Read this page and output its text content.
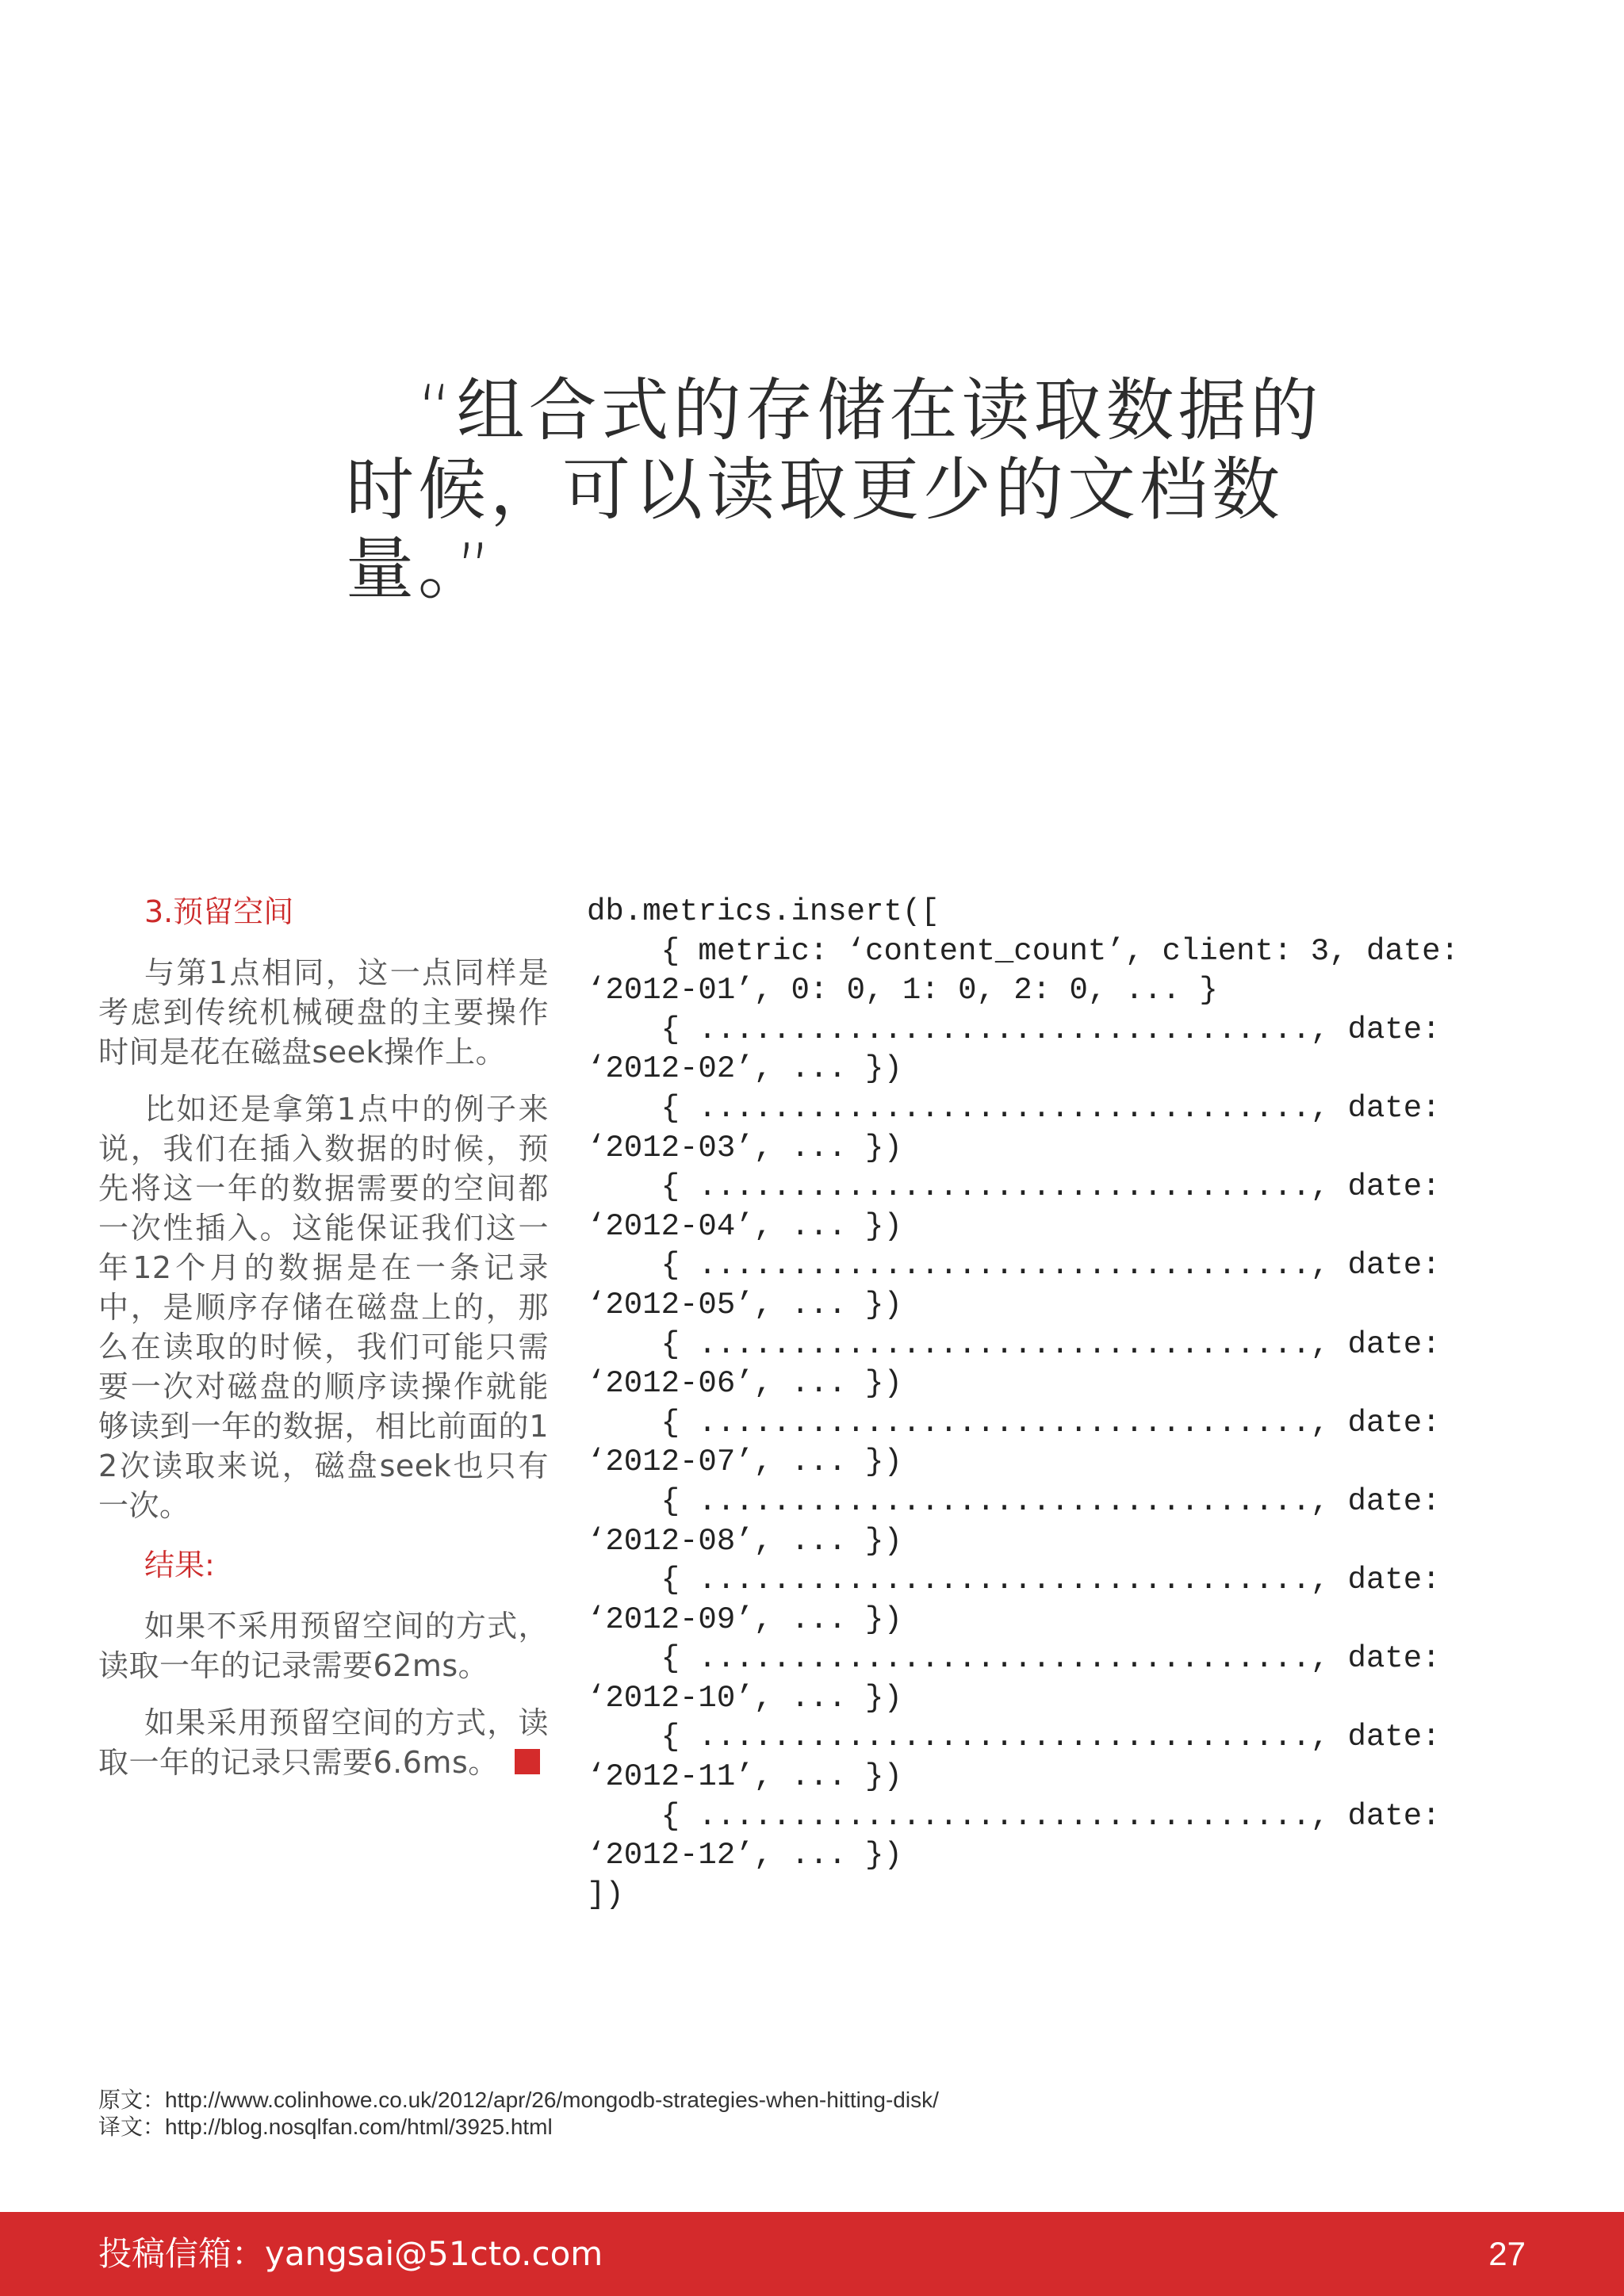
“组合式的存储在读取数据的
时候，可以读取更少的文档数
量。”
3.预留空间

与第1点相同，这一点同样是考虑到传统机械硬盘的主要操作时间是花在磁盘seek操作上。

比如还是拿第1点中的例子来说，我们在插入数据的时候，预先将这一年的数据需要的空间都一次性插入。这能保证我们这一年12个月的数据是在一条记录中，是顺序存储在磁盘上的，那么在读取的时候，我们可能只需要一次对磁盘的顺序读操作就能够读到一年的数据，相比前面的12次读取来说，磁盘seek也只有一次。

结果:

如果不采用预留空间的方式，读取一年的记录需要62ms。

如果采用预留空间的方式，读取一年的记录只需要6.6ms。

db.metrics.insert([
{ metric: ‘content_count’, client: 3, date:
‘2012-01’, 0: 0, 1: 0, 2: 0, ... }
{ ................................., date:
‘2012-02’, ... })
{ ................................., date:
‘2012-03’, ... })
{ ................................., date:
‘2012-04’, ... })
{ ................................., date:
‘2012-05’, ... })
{ ................................., date:
‘2012-06’, ... })
{ ................................., date:
‘2012-07’, ... })
{ ................................., date:
‘2012-08’, ... })
{ ................................., date:
‘2012-09’, ... })
{ ................................., date:
‘2012-10’, ... })
{ ................................., date:
‘2012-11’, ... })
{ ................................., date:
‘2012-12’, ... })
])
原文：http://www.colinhowe.co.uk/2012/apr/26/mongodb-strategies-when-hitting-disk/
译文：http://blog.nosqlfan.com/html/3925.html
投稿信箱：yangsai@51cto.com	27
